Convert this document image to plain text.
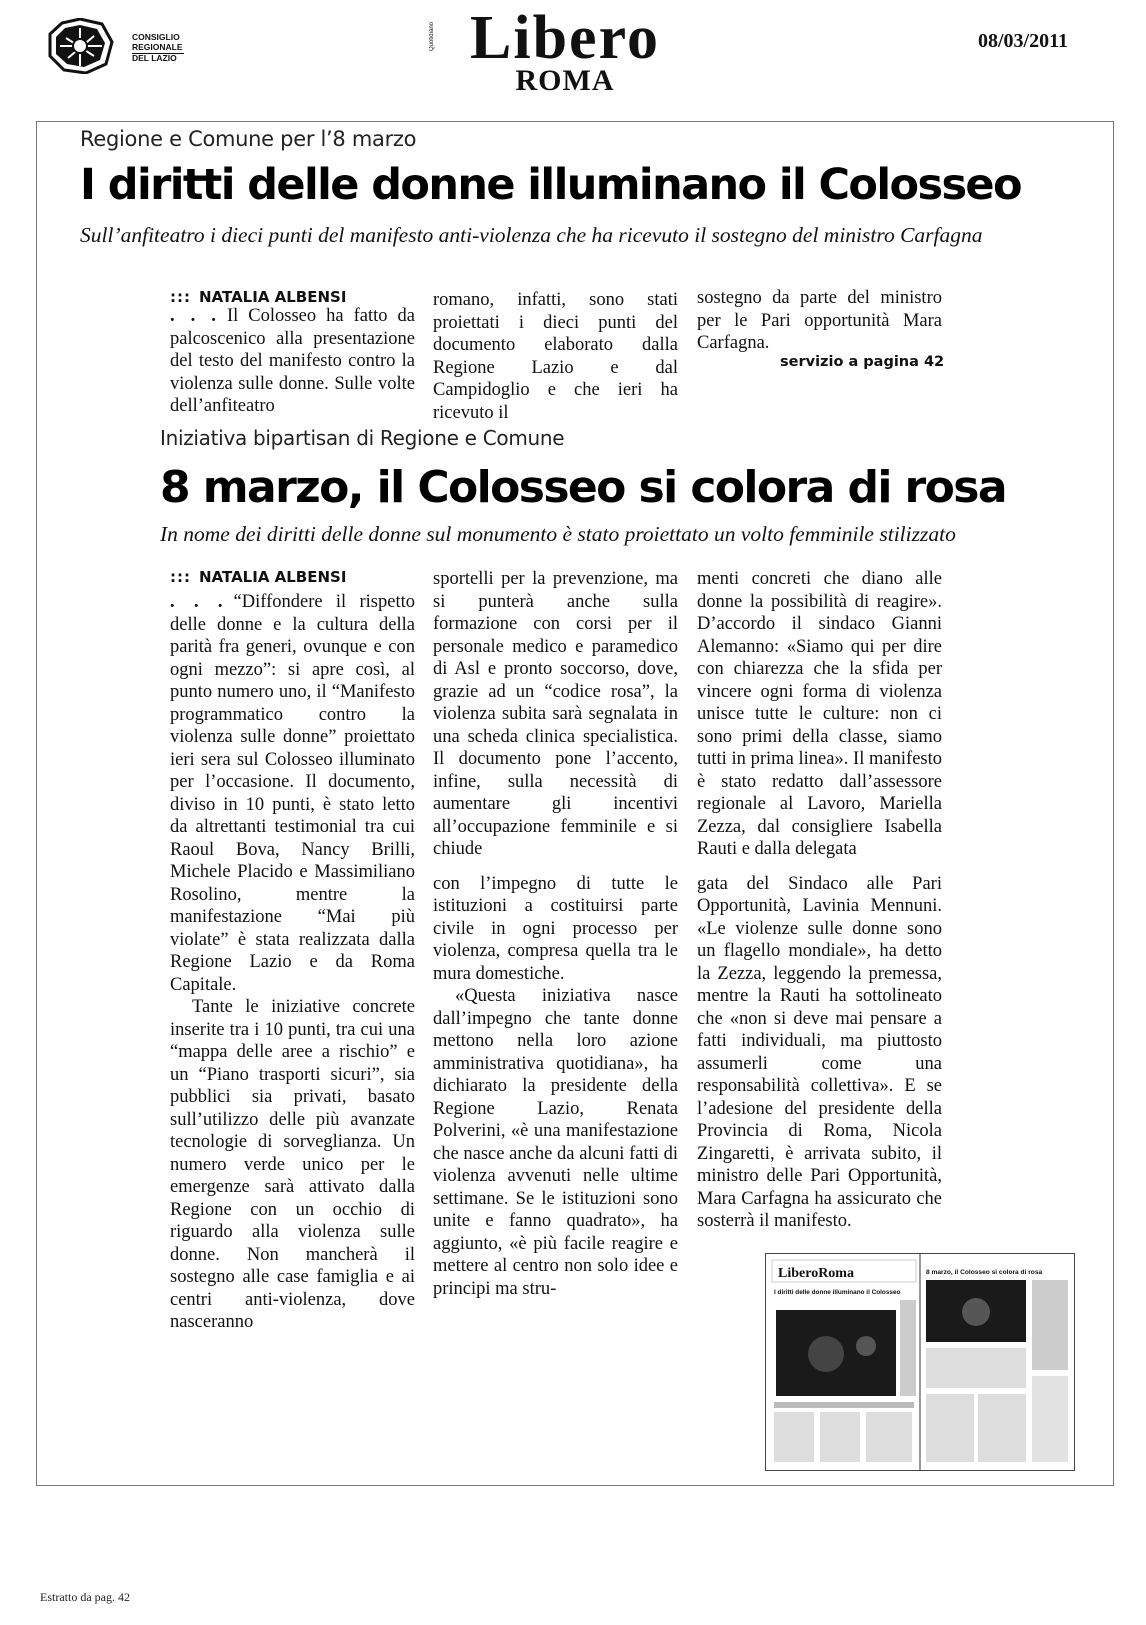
CONSIGLIO
REGIONALE
DEL LAZIO
Quotidiano Libero
ROMA
08/03/2011
Regione e Comune per l’8 marzo
I diritti delle donne illuminano il Colosseo
Sull’anfiteatro i dieci punti del manifesto anti-violenza che ha ricevuto il sostegno del ministro Carfagna
::: NATALIA ALBENSI
. . . Il Colosseo ha fatto da palcoscenico alla presentazione del testo del manifesto contro la violenza sulle donne. Sulle volte dell’anfiteatro
romano, infatti, sono stati proiettati i dieci punti del documento elaborato dalla Regione Lazio e dal Campidoglio e che ieri ha ricevuto il
sostegno da parte del ministro per le Pari opportunità Mara Carfagna.
servizio a pagina 42
Iniziativa bipartisan di Regione e Comune
8 marzo, il Colosseo si colora di rosa
In nome dei diritti delle donne sul monumento è stato proiettato un volto femminile stilizzato
::: NATALIA ALBENSI

. . . “Diffondere il rispetto delle donne e la cultura della parità fra generi, ovunque e con ogni mezzo”: si apre così, al punto numero uno, il “Manifesto programmatico contro la violenza sulle donne” proiettato ieri sera sul Colosseo illuminato per l’occasione. Il documento, diviso in 10 punti, è stato letto da altrettanti testimonial tra cui Raoul Bova, Nancy Brilli, Michele Placido e Massimiliano Rosolino, mentre la manifestazione “Mai più violate” è stata realizzata dalla Regione Lazio e da Roma Capitale.

Tante le iniziative concrete inserite tra i 10 punti, tra cui una “mappa delle aree a rischio” e un “Piano trasporti sicuri”, sia pubblici sia privati, basato sull’utilizzo delle più avanzate tecnologie di sorveglianza. Un numero verde unico per le emergenze sarà attivato dalla Regione con un occhio di riguardo alla violenza sulle donne. Non mancherà il sostegno alle case famiglia e ai centri anti-violenza, dove nasceranno

sportelli per la prevenzione, ma si punterà anche sulla formazione con corsi per il personale medico e paramedico di Asl e pronto soccorso, dove, grazie ad un “codice rosa”, la violenza subita sarà segnalata in una scheda clinica specialistica. Il documento pone l’accento, infine, sulla necessità di aumentare gli incentivi all’occupazione femminile e si chiude

con l’impegno di tutte le istituzioni a costituirsi parte civile in ogni processo per violenza, compresa quella tra le mura domestiche.

«Questa iniziativa nasce dall’impegno che tante donne mettono nella loro azione amministrativa quotidiana», ha dichiarato la presidente della Regione Lazio, Renata Polverini, «è una manifestazione che nasce anche da alcuni fatti di violenza avvenuti nelle ultime settimane. Se le istituzioni sono unite e fanno quadrato», ha aggiunto, «è più facile reagire e mettere al centro non solo idee e principi ma stru-

menti concreti che diano alle donne la possibilità di reagire». D’accordo il sindaco Gianni Alemanno: «Siamo qui per dire con chiarezza che la sfida per vincere ogni forma di violenza unisce tutte le culture: non ci sono primi della classe, siamo tutti in prima linea». Il manifesto è stato redatto dall’assessore regionale al Lavoro, Mariella Zezza, dal consigliere Isabella Rauti e dalla delegata

gata del Sindaco alle Pari Opportunità, Lavinia Mennuni. «Le violenze sulle donne sono un flagello mondiale», ha detto la Zezza, leggendo la premessa, mentre la Rauti ha sottolineato che «non si deve mai pensare a fatti individuali, ma piuttosto assumerli come una responsabilità collettiva». E se l’adesione del presidente della Provincia di Roma, Nicola Zingaretti, è arrivata subito, il ministro delle Pari Opportunità, Mara Carfagna ha assicurato che sosterrà il manifesto.

LiberoRoma
I diritti delle donne illuminano il Colosseo
8 marzo, il Colosseo si colora di rosa
Estratto da pag. 42
